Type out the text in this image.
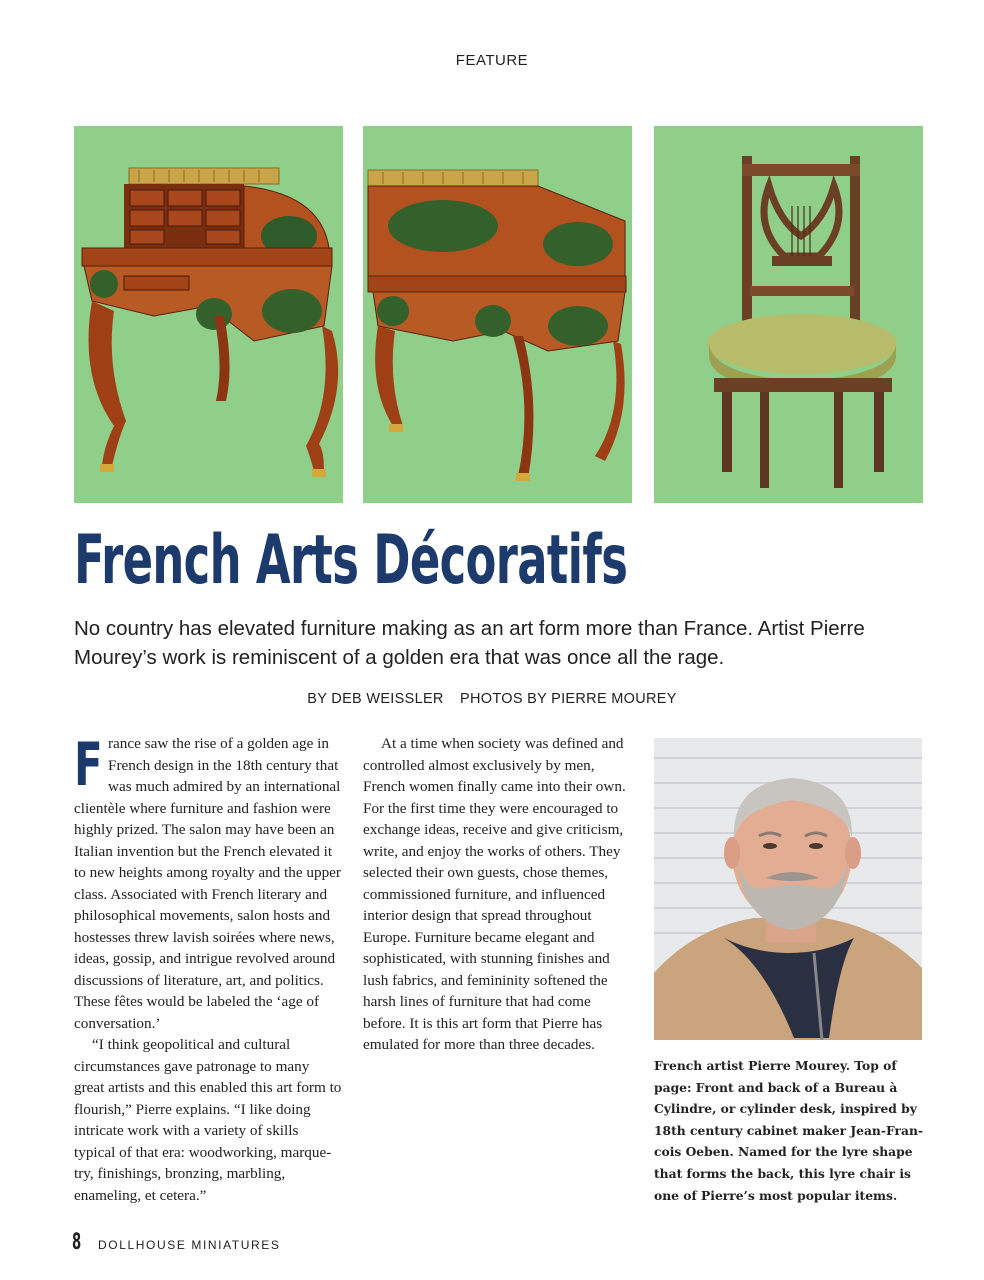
FEATURE
French Arts Décoratifs

No country has elevated furniture making as an art form more than France. Artist Pierre Mourey’s work is reminiscent of a golden era that was once all the rage.

BY DEB WEISSLER PHOTOS BY PIERRE MOUREY

F rance saw the rise of a golden age in French design in the 18th century that was much admired by an international clientèle where furniture and fashion were highly prized. The salon may have been an Italian invention but the French elevated it to new heights among royalty and the upper class. Associated with French literary and philosophical movements, salon hosts and hostesses threw lavish soirées where news, ideas, gossip, and intrigue revolved around discussions of literature, art, and politics. These fêtes would be labeled the ‘age of conversation.’

“I think geopolitical and cultural circumstances gave patronage to many great artists and this enabled this art form to flourish,” Pierre explains. “I like doing intricate work with a variety of skills typical of that era: woodworking, marquetry, finishings, bronzing, marbling, enameling, et cetera.”

At a time when society was defined and controlled almost exclusively by men, French women finally came into their own. For the first time they were encouraged to exchange ideas, receive and give criticism, write, and enjoy the works of others. They selected their own guests, chose themes, commissioned furniture, and influenced interior design that spread throughout Europe. Furniture became elegant and sophisticated, with stunning finishes and lush fabrics, and femininity softened the harsh lines of furniture that had come before. It is this art form that Pierre has emulated for more than three decades.

French artist Pierre Mourey. Top of page: Front and back of a Bureau à Cylindre, or cylinder desk, inspired by 18th century cabinet maker Jean-Francois Oeben. Named for the lyre shape that forms the back, this lyre chair is one of Pierre’s most popular items.

8 DOLLHOUSE MINIATURES
